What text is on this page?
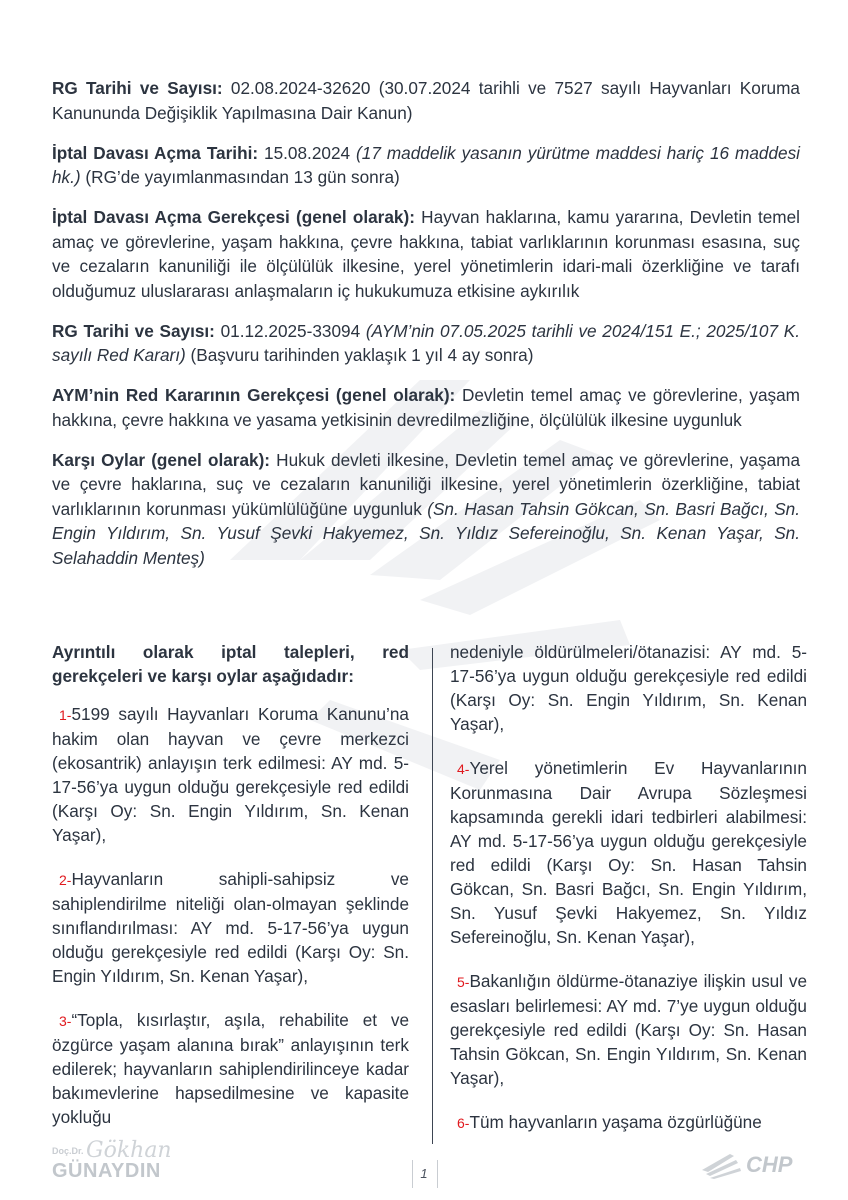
RG Tarihi ve Sayısı: 02.08.2024-32620 (30.07.2024 tarihli ve 7527 sayılı Hayvanları Koruma Kanununda Değişiklik Yapılmasına Dair Kanun)

İptal Davası Açma Tarihi: 15.08.2024 (17 maddelik yasanın yürütme maddesi hariç 16 maddesi hk.) (RG’de yayımlanmasından 13 gün sonra)

İptal Davası Açma Gerekçesi (genel olarak): Hayvan haklarına, kamu yararına, Devletin temel amaç ve görevlerine, yaşam hakkına, çevre hakkına, tabiat varlıklarının korunması esasına, suç ve cezaların kanuniliği ile ölçülülük ilkesine, yerel yönetimlerin idari-mali özerkliğine ve tarafı olduğumuz uluslararası anlaşmaların iç hukukumuza etkisine aykırılık

RG Tarihi ve Sayısı: 01.12.2025-33094 (AYM’nin 07.05.2025 tarihli ve 2024/151 E.; 2025/107 K. sayılı Red Kararı) (Başvuru tarihinden yaklaşık 1 yıl 4 ay sonra)

AYM’nin Red Kararının Gerekçesi (genel olarak): Devletin temel amaç ve görevlerine, yaşam hakkına, çevre hakkına ve yasama yetkisinin devredilmezliğine, ölçülülük ilkesine uygunluk

Karşı Oylar (genel olarak): Hukuk devleti ilkesine, Devletin temel amaç ve görevlerine, yaşama ve çevre haklarına, suç ve cezaların kanuniliği ilkesine, yerel yönetimlerin özerkliğine, tabiat varlıklarının korunması yükümlülüğüne uygunluk (Sn. Hasan Tahsin Gökcan, Sn. Basri Bağcı, Sn. Engin Yıldırım, Sn. Yusuf Şevki Hakyemez, Sn. Yıldız Sefereinoğlu, Sn. Kenan Yaşar, Sn. Selahaddin Menteş)

Ayrıntılı olarak iptal talepleri, red gerekçeleri ve karşı oylar aşağıdadır:

1-5199 sayılı Hayvanları Koruma Kanunu’na hakim olan hayvan ve çevre merkezci (ekosantrik) anlayışın terk edilmesi: AY md. 5-17-56’ya uygun olduğu gerekçesiyle red edildi (Karşı Oy: Sn. Engin Yıldırım, Sn. Kenan Yaşar),

2-Hayvanların sahipli-sahipsiz ve sahiplendirilme niteliği olan-olmayan şeklinde sınıflandırılması: AY md. 5-17-56’ya uygun olduğu gerekçesiyle red edildi (Karşı Oy: Sn. Engin Yıldırım, Sn. Kenan Yaşar),

3-“Topla, kısırlaştır, aşıla, rehabilite et ve özgürce yaşam alanına bırak” anlayışının terk edilerek; hayvanların sahiplendirilinceye kadar bakımevlerine hapsedilmesine ve kapasite yokluğu

nedeniyle öldürülmeleri/ötanazisi: AY md. 5-17-56’ya uygun olduğu gerekçesiyle red edildi (Karşı Oy: Sn. Engin Yıldırım, Sn. Kenan Yaşar),

4-Yerel yönetimlerin Ev Hayvanlarının Korunmasına Dair Avrupa Sözleşmesi kapsamında gerekli idari tedbirleri alabilmesi: AY md. 5-17-56’ya uygun olduğu gerekçesiyle red edildi (Karşı Oy: Sn. Hasan Tahsin Gökcan, Sn. Basri Bağcı, Sn. Engin Yıldırım, Sn. Yusuf Şevki Hakyemez, Sn. Yıldız Sefereinoğlu, Sn. Kenan Yaşar),

5-Bakanlığın öldürme-ötanaziye ilişkin usul ve esasları belirlemesi: AY md. 7’ye uygun olduğu gerekçesiyle red edildi (Karşı Oy: Sn. Hasan Tahsin Gökcan, Sn. Engin Yıldırım, Sn. Kenan Yaşar),

6-Tüm hayvanların yaşama özgürlüğüne

Doç.Dr. Gökhan
GÜNAYDIN	1	CHP
